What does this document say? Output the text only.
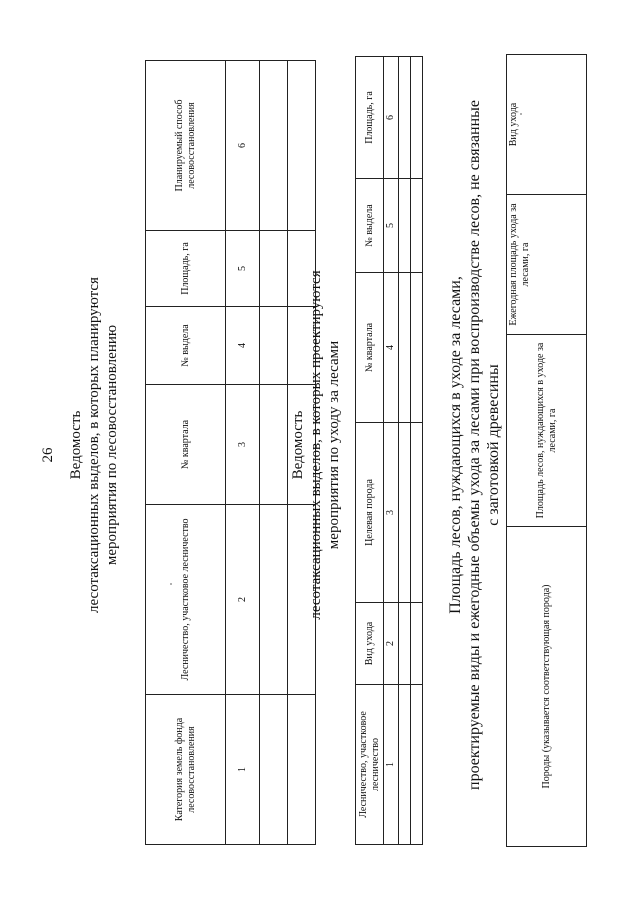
26 Ведомость лесотаксационных выделов, в которых планируются мероприятия по лесовосстановлению
Категория земель фонда лесовосстановления	Лесничество, участковое лесничество	№ квартала	№ выдела	Площадь, га	Планируемый способ лесовосстановления
1	2	3	4	5	6

Ведомость лесотаксационных выделов, в которых проектируются мероприятия по уходу за лесами
Лесничество, участковое лесничество	Вид ухода	Целевая порода	№ квартала	№ выдела	Площадь, га
1	2	3	4	5	6

Площадь лесов, нуждающихся в уходе за лесами, проектируемые виды и ежегодные объемы ухода за лесами при воспроизводстве лесов, не связанные с заготовкой древесины
Породы (указывается соответствующая порода)	Площадь лесов, нуждающихся в уходе за лесами, га	Ежегодная площадь ухода за лесами, га	Вид ухода
